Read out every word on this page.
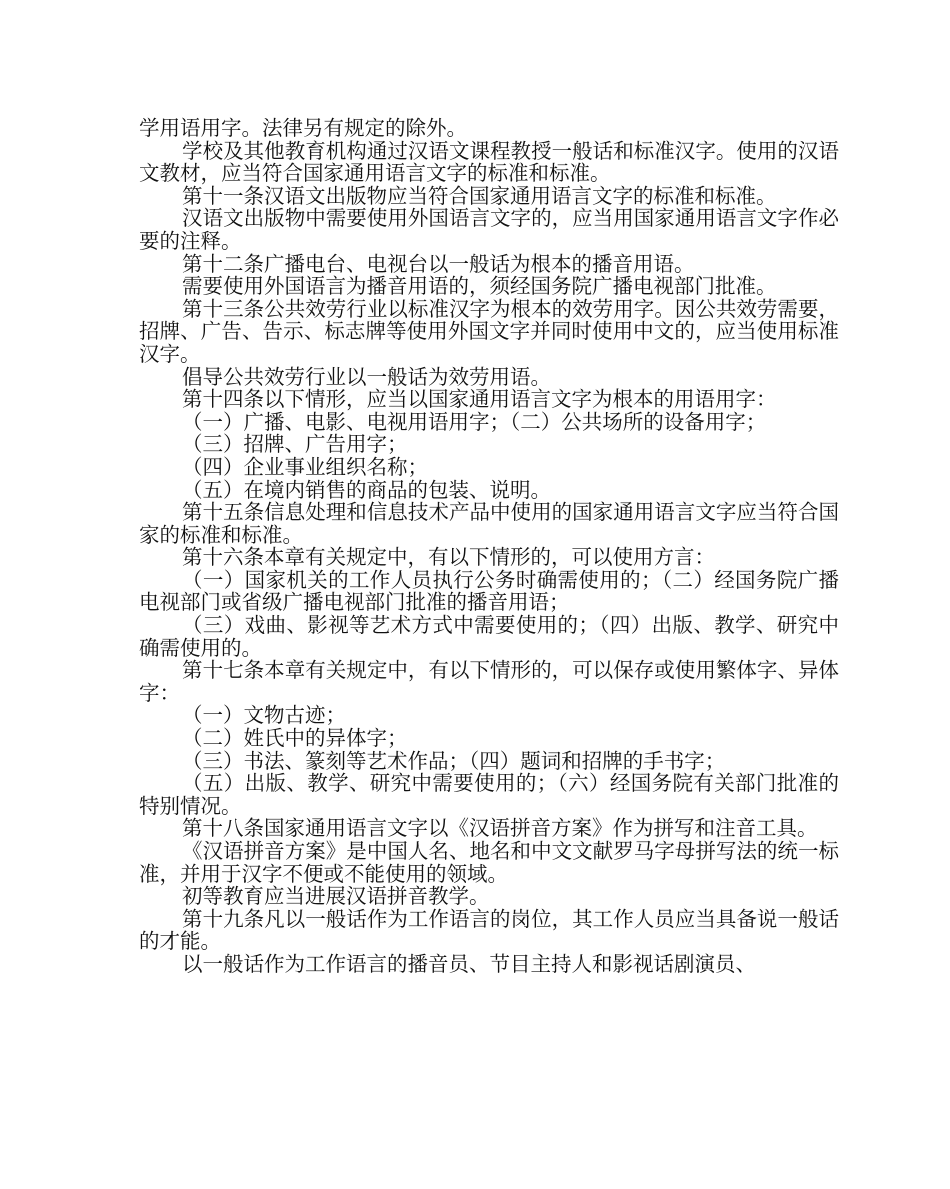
学用语用字。法律另有规定的除外。

学校及其他教育机构通过汉语文课程教授一般话和标准汉字。使用的汉语文教材，应当符合国家通用语言文字的标准和标准。

第十一条汉语文出版物应当符合国家通用语言文字的标准和标准。

汉语文出版物中需要使用外国语言文字的，应当用国家通用语言文字作必要的注释。

第十二条广播电台、电视台以一般话为根本的播音用语。

需要使用外国语言为播音用语的，须经国务院广播电视部门批准。

第十三条公共效劳行业以标准汉字为根本的效劳用字。因公共效劳需要，招牌、广告、告示、标志牌等使用外国文字并同时使用中文的，应当使用标准汉字。

倡导公共效劳行业以一般话为效劳用语。

第十四条以下情形，应当以国家通用语言文字为根本的用语用字：

（一）广播、电影、电视用语用字；（二）公共场所的设备用字；

（三）招牌、广告用字；

（四）企业事业组织名称；

（五）在境内销售的商品的包装、说明。

第十五条信息处理和信息技术产品中使用的国家通用语言文字应当符合国家的标准和标准。

第十六条本章有关规定中，有以下情形的，可以使用方言：

（一）国家机关的工作人员执行公务时确需使用的；（二）经国务院广播电视部门或省级广播电视部门批准的播音用语；

（三）戏曲、影视等艺术方式中需要使用的；（四）出版、教学、研究中确需使用的。

第十七条本章有关规定中，有以下情形的，可以保存或使用繁体字、异体字：

（一）文物古迹；

（二）姓氏中的异体字；

（三）书法、篆刻等艺术作品；（四）题词和招牌的手书字；

（五）出版、教学、研究中需要使用的；（六）经国务院有关部门批准的特别情况。

第十八条国家通用语言文字以《汉语拼音方案》作为拼写和注音工具。

《汉语拼音方案》是中国人名、地名和中文文献罗马字母拼写法的统一标准，并用于汉字不便或不能使用的领域。

初等教育应当进展汉语拼音教学。

第十九条凡以一般话作为工作语言的岗位，其工作人员应当具备说一般话的才能。

以一般话作为工作语言的播音员、节目主持人和影视话剧演员、
